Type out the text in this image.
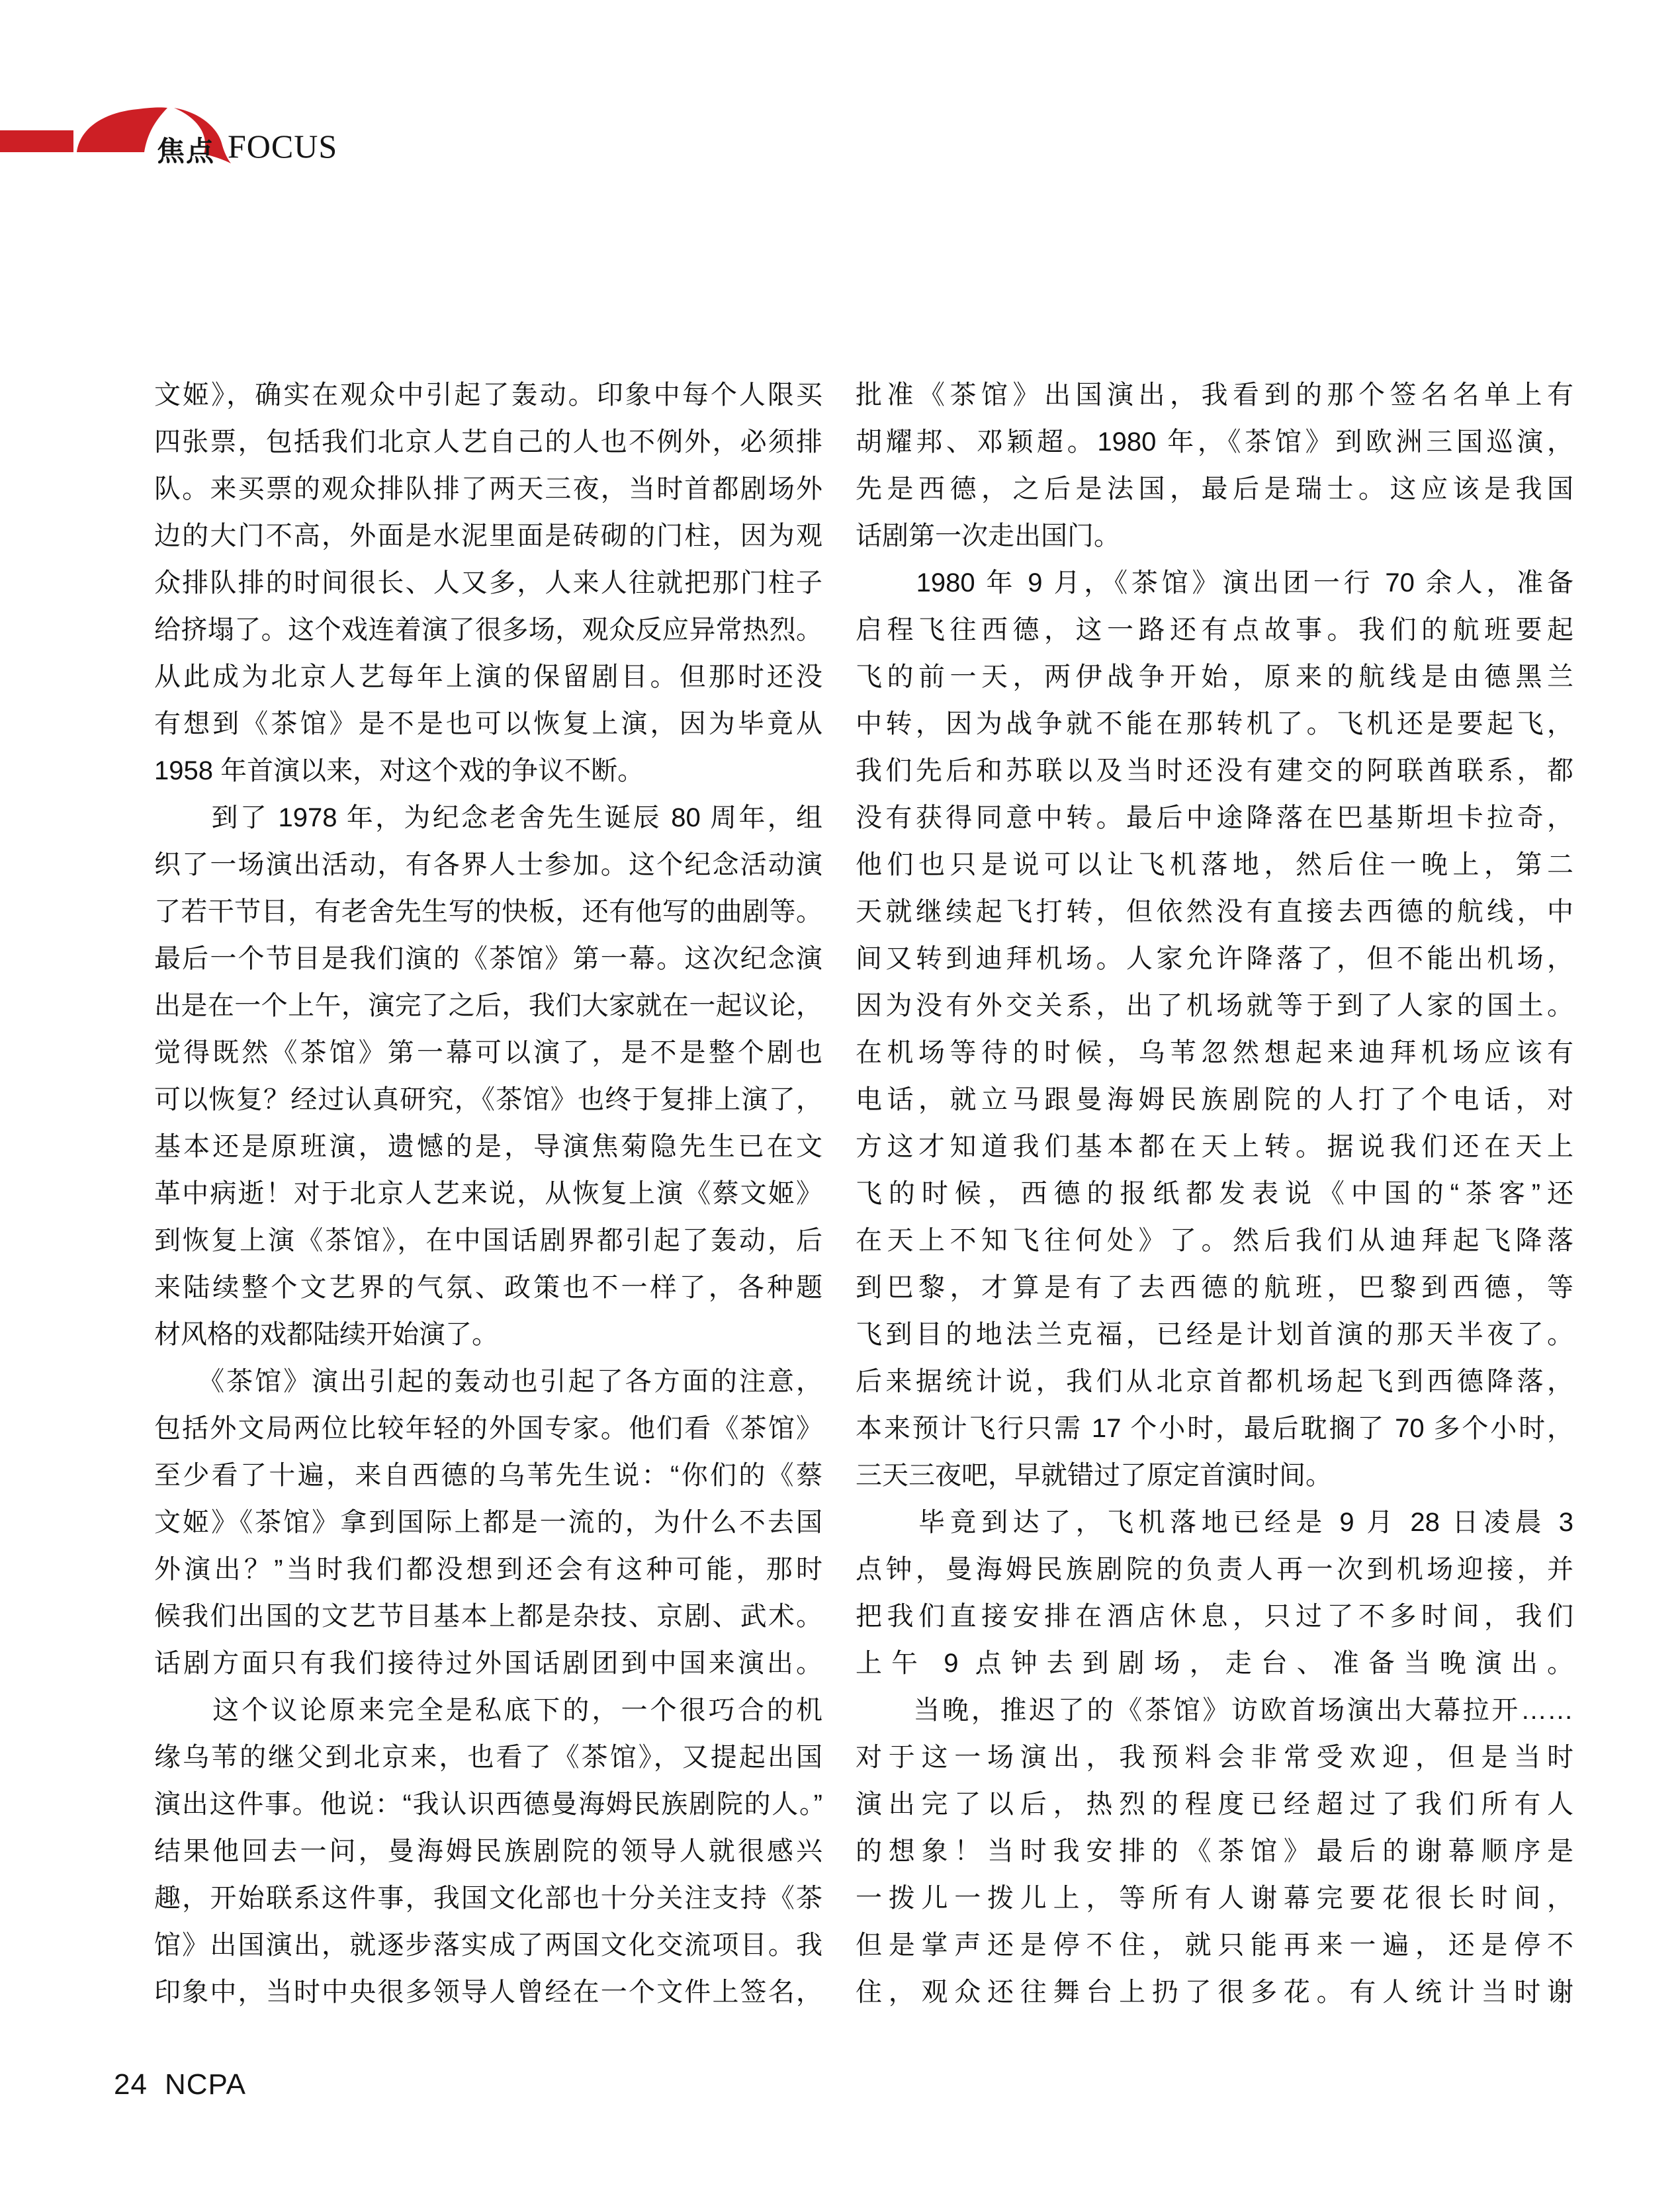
焦点 FOCUS
文姬》，确实在观众中引起了轰动。印象中每个人限买
四张票，包括我们北京人艺自己的人也不例外，必须排
队。来买票的观众排队排了两天三夜，当时首都剧场外
边的大门不高，外面是水泥里面是砖砌的门柱，因为观
众排队排的时间很长、人又多，人来人往就把那门柱子
给挤塌了。这个戏连着演了很多场，观众反应异常热烈。
从此成为北京人艺每年上演的保留剧目。但那时还没
有想到《茶馆》是不是也可以恢复上演，因为毕竟从
1958 年首演以来，对这个戏的争议不断。
　　到了 1978 年，为纪念老舍先生诞辰 80 周年，组
织了一场演出活动，有各界人士参加。这个纪念活动演
了若干节目，有老舍先生写的快板，还有他写的曲剧等。
最后一个节目是我们演的《茶馆》第一幕。这次纪念演
出是在一个上午，演完了之后，我们大家就在一起议论，
觉得既然《茶馆》第一幕可以演了，是不是整个剧也
可以恢复？经过认真研究，《茶馆》也终于复排上演了，
基本还是原班演，遗憾的是，导演焦菊隐先生已在文
革中病逝！对于北京人艺来说，从恢复上演《蔡文姬》
到恢复上演《茶馆》，在中国话剧界都引起了轰动，后
来陆续整个文艺界的气氛、政策也不一样了，各种题
材风格的戏都陆续开始演了。
　　《茶馆》演出引起的轰动也引起了各方面的注意，
包括外文局两位比较年轻的外国专家。他们看《茶馆》
至少看了十遍，来自西德的乌苇先生说：“你们的《蔡
文姬》《茶馆》拿到国际上都是一流的，为什么不去国
外演出？”当时我们都没想到还会有这种可能，那时
候我们出国的文艺节目基本上都是杂技、京剧、武术。
话剧方面只有我们接待过外国话剧团到中国来演出。
　　这个议论原来完全是私底下的，一个很巧合的机
缘乌苇的继父到北京来，也看了《茶馆》，又提起出国
演出这件事。他说：“我认识西德曼海姆民族剧院的人。”
结果他回去一问，曼海姆民族剧院的领导人就很感兴
趣，开始联系这件事，我国文化部也十分关注支持《茶
馆》出国演出，就逐步落实成了两国文化交流项目。我
印象中，当时中央很多领导人曾经在一个文件上签名，
批准《茶馆》出国演出，我看到的那个签名名单上有
胡耀邦、邓颖超。1980 年，《茶馆》到欧洲三国巡演，
先是西德，之后是法国，最后是瑞士。这应该是我国
话剧第一次走出国门。
　　1980 年 9 月，《茶馆》演出团一行 70 余人，准备
启程飞往西德，这一路还有点故事。我们的航班要起
飞的前一天，两伊战争开始，原来的航线是由德黑兰
中转，因为战争就不能在那转机了。飞机还是要起飞，
我们先后和苏联以及当时还没有建交的阿联酋联系，都
没有获得同意中转。最后中途降落在巴基斯坦卡拉奇，
他们也只是说可以让飞机落地，然后住一晚上，第二
天就继续起飞打转，但依然没有直接去西德的航线，中
间又转到迪拜机场。人家允许降落了，但不能出机场，
因为没有外交关系，出了机场就等于到了人家的国土。
在机场等待的时候，乌苇忽然想起来迪拜机场应该有
电话，就立马跟曼海姆民族剧院的人打了个电话，对
方这才知道我们基本都在天上转。据说我们还在天上
飞的时候，西德的报纸都发表说《中国的“茶客”还
在天上不知飞往何处》了。然后我们从迪拜起飞降落
到巴黎，才算是有了去西德的航班，巴黎到西德，等
飞到目的地法兰克福，已经是计划首演的那天半夜了。
后来据统计说，我们从北京首都机场起飞到西德降落，
本来预计飞行只需 17 个小时，最后耽搁了 70 多个小时，
三天三夜吧，早就错过了原定首演时间。
　　毕竟到达了，飞机落地已经是 9 月 28 日凌晨 3
点钟，曼海姆民族剧院的负责人再一次到机场迎接，并
把我们直接安排在酒店休息，只过了不多时间，我们
上午 9 点钟去到剧场，走台、准备当晚演出。
　　当晚，推迟了的《茶馆》访欧首场演出大幕拉开……
对于这一场演出，我预料会非常受欢迎，但是当时
演出完了以后，热烈的程度已经超过了我们所有人
的想象！当时我安排的《茶馆》最后的谢幕顺序是
一拨儿一拨儿上，等所有人谢幕完要花很长时间，
但是掌声还是停不住，就只能再来一遍，还是停不
住，观众还往舞台上扔了很多花。有人统计当时谢
24 NCPA
